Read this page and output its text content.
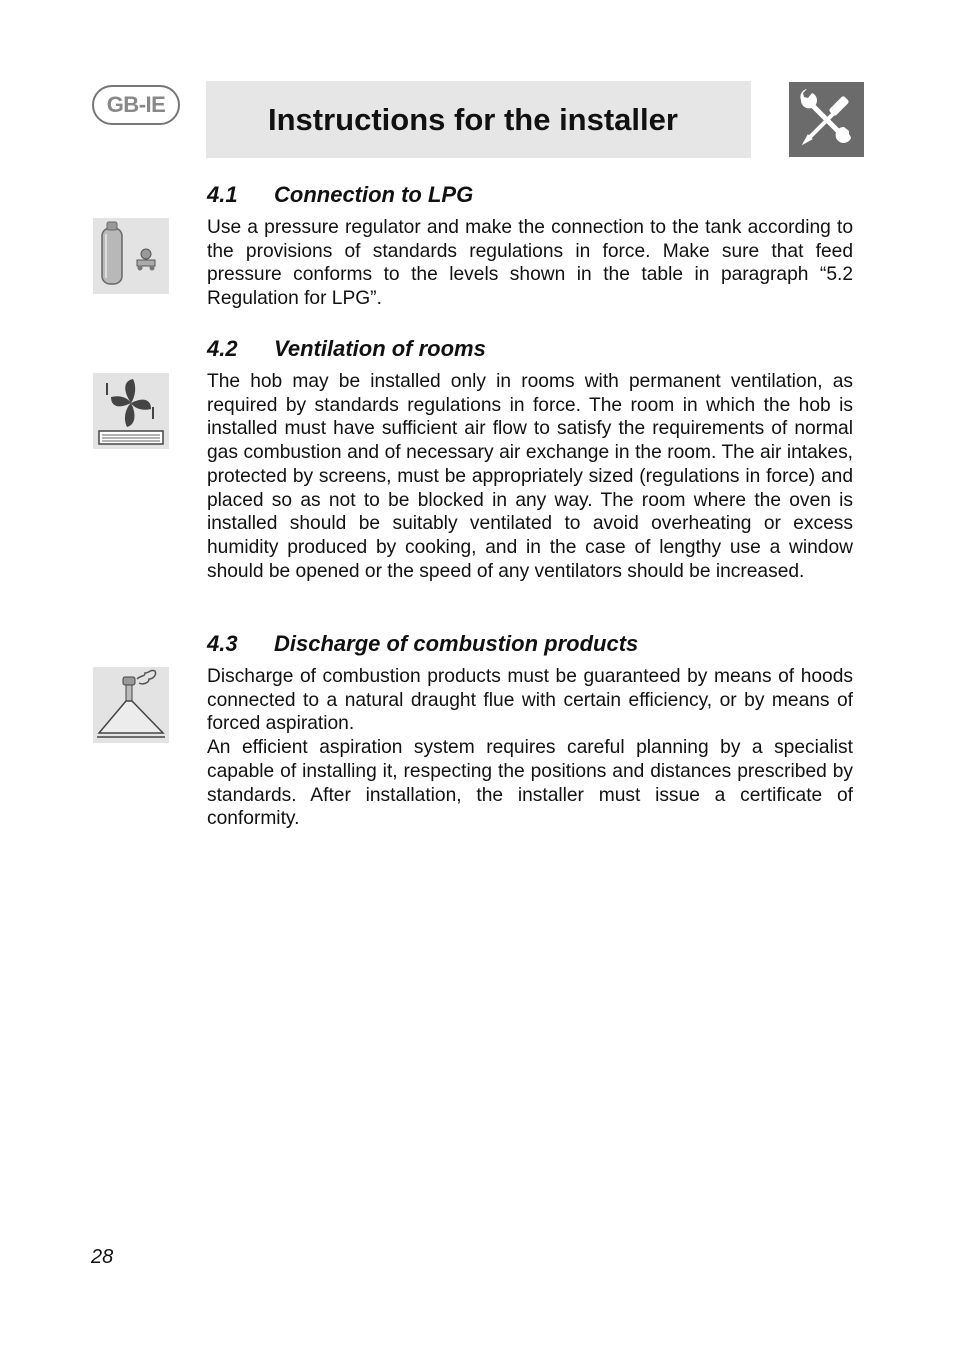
GB-IE	Instructions for the installer
4.1 Connection to LPG

Use a pressure regulator and make the connection to the tank according to the provisions of standards regulations in force. Make sure that feed pressure conforms to the levels shown in the table in paragraph “5.2 Regulation for LPG”.

4.2 Ventilation of rooms

The hob may be installed only in rooms with permanent ventilation, as required by standards regulations in force. The room in which the hob is installed must have sufficient air flow to satisfy the requirements of normal gas combustion and of necessary air exchange in the room. The air intakes, protected by screens, must be appropriately sized (regulations in force) and placed so as not to be blocked in any way. The room where the oven is installed should be suitably ventilated to avoid overheating or excess humidity produced by cooking, and in the case of lengthy use a window should be opened or the speed of any ventilators should be increased.

4.3 Discharge of combustion products

Discharge of combustion products must be guaranteed by means of hoods connected to a natural draught flue with certain efficiency, or by means of forced aspiration.

An efficient aspiration system requires careful planning by a specialist capable of installing it, respecting the positions and distances prescribed by standards. After installation, the installer must issue a certificate of conformity.

28
